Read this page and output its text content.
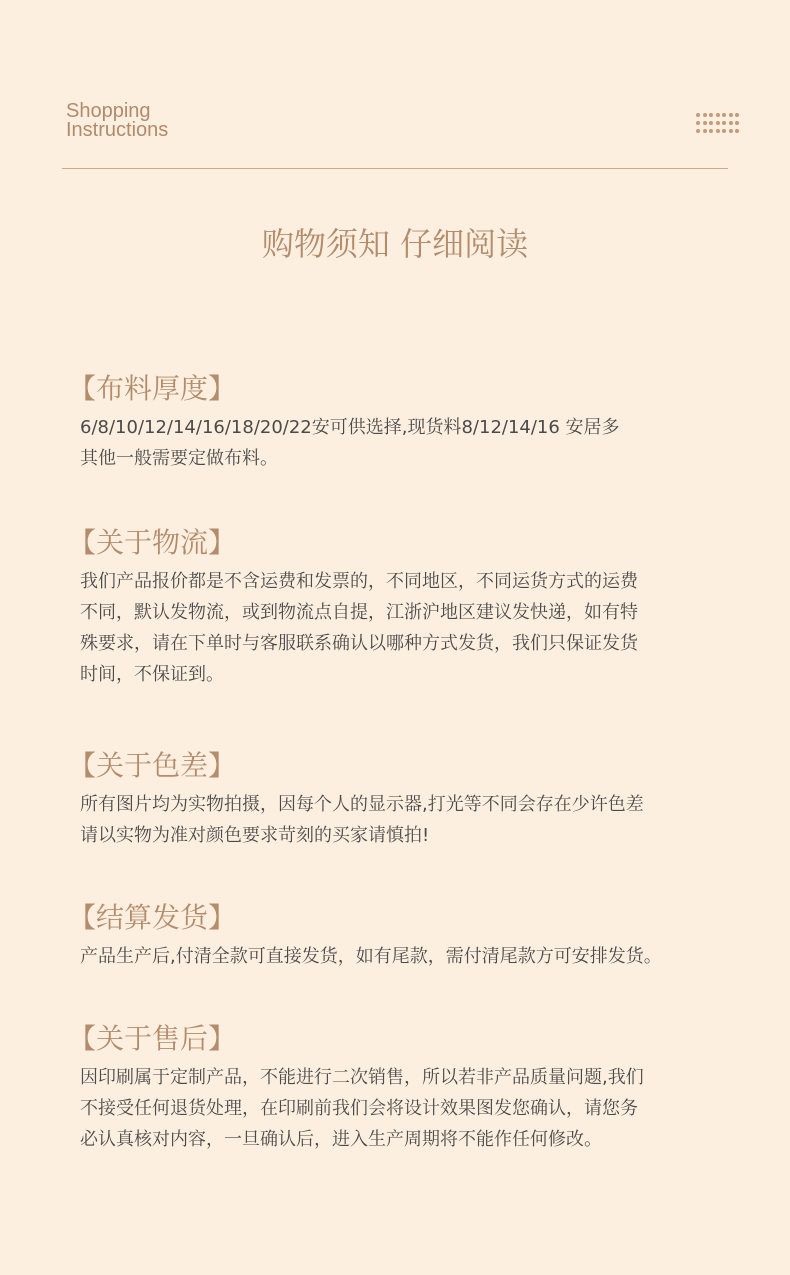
Shopping
Instructions
购物须知 仔细阅读
【布料厚度】
6/8/10/12/14/16/18/20/22安可供选择,现货料8/12/14/16 安居多
其他一般需要定做布料。
【关于物流】
我们产品报价都是不含运费和发票的，不同地区，不同运货方式的运费
不同，默认发物流，或到物流点自提，江浙沪地区建议发快递，如有特
殊要求，请在下单时与客服联系确认以哪种方式发货，我们只保证发货
时间，不保证到。
【关于色差】
所有图片均为实物拍摄，因每个人的显示器,打光等不同会存在少许色差
请以实物为准对颜色要求苛刻的买家请慎拍!
【结算发货】
产品生产后,付清全款可直接发货，如有尾款，需付清尾款方可安排发货。
【关于售后】
因印刷属于定制产品，不能进行二次销售，所以若非产品质量问题,我们
不接受任何退货处理，在印刷前我们会将设计效果图发您确认，请您务
必认真核对内容，一旦确认后，进入生产周期将不能作任何修改。
